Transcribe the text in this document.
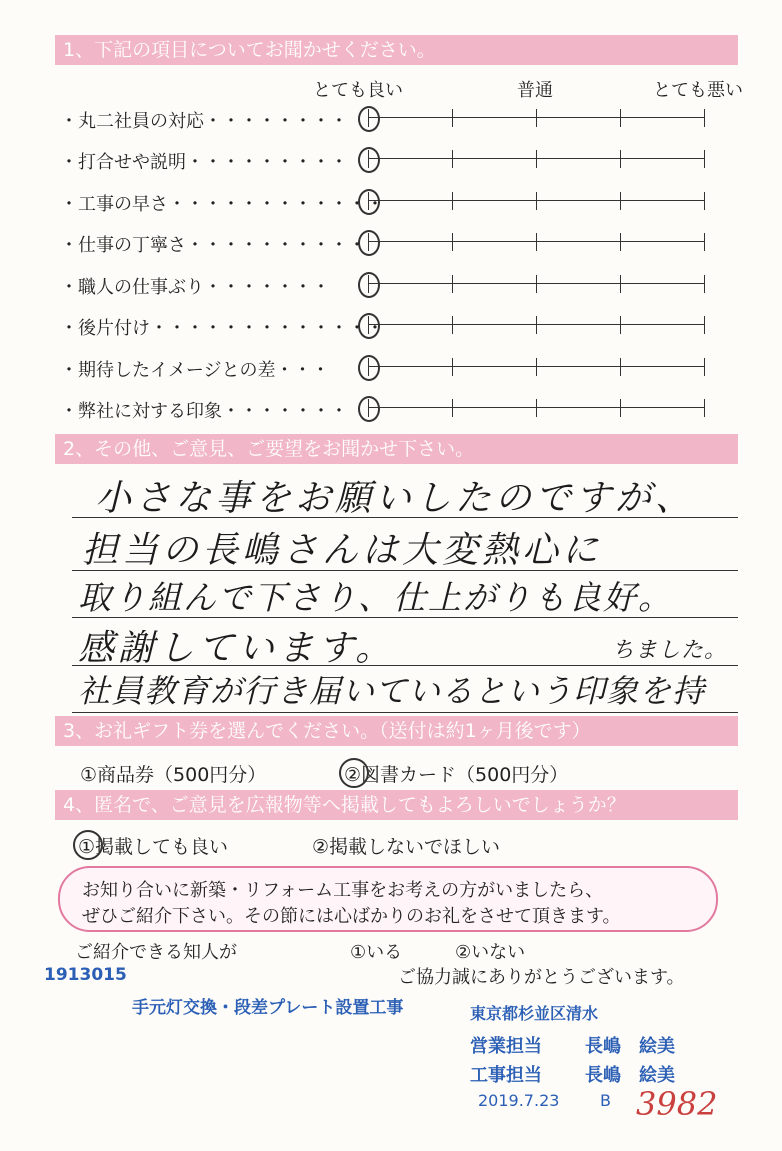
1、下記の項目についてお聞かせください。
とても良い	普通	とても悪い
・丸二社員の対応・・・・・・・・
・打合せや説明・・・・・・・・・
・工事の早さ・・・・・・・・・・・・
・仕事の丁寧さ・・・・・・・・・・
・職人の仕事ぶり・・・・・・・
・後片付け・・・・・・・・・・・・・
・期待したイメージとの差・・・
・弊社に対する印象・・・・・・・
2、その他、ご意見、ご要望をお聞かせ下さい。
小さな事をお願いしたのですが、
担当の長嶋さんは大変熱心に
取り組んで下さり、仕上がりも良好。
感謝しています。	ちました。
社員教育が行き届いているという印象を持
3、お礼ギフト券を選んでください。（送付は約1ヶ月後です）
①商品券（500円分）	②図書カード（500円分）
4、匿名で、ご意見を広報物等へ掲載してもよろしいでしょうか？
①掲載しても良い	②掲載しないでほしい
お知り合いに新築・リフォーム工事をお考えの方がいましたら、
ぜひご紹介下さい。その節には心ばかりのお礼をさせて頂きます。
ご紹介できる知人が	①いる	②いない
ご協力誠にありがとうございます。
1913015
手元灯交換・段差プレート設置工事	東京都杉並区清水
営業担当 長嶋　絵美
工事担当 長嶋　絵美
2019.7.23	B 3982
